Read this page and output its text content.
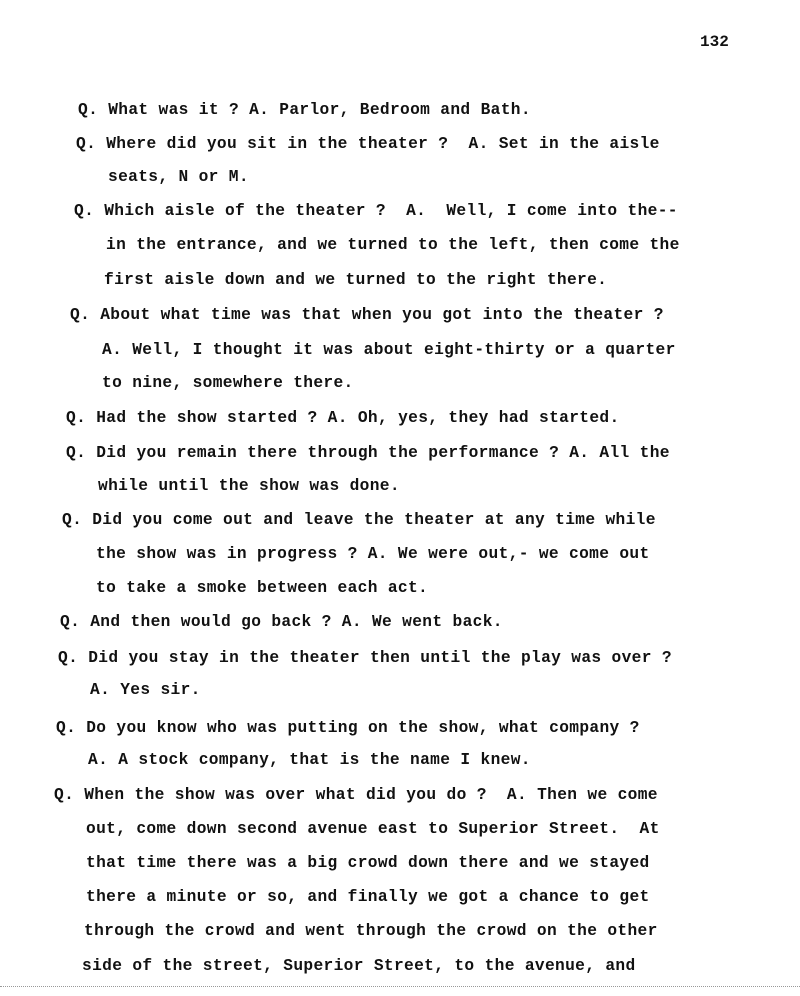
132
Q. What was it ? A. Parlor, Bedroom and Bath.
Q. Where did you sit in the theater ?  A. Set in the aisle
seats, N or M.
Q. Which aisle of the theater ?  A.  Well, I come into the--
in the entrance, and we turned to the left, then come the
first aisle down and we turned to the right there.
Q. About what time was that when you got into the theater ?
A. Well, I thought it was about eight-thirty or a quarter
to nine, somewhere there.
Q. Had the show started ? A. Oh, yes, they had started.
Q. Did you remain there through the performance ? A. All the
while until the show was done.
Q. Did you come out and leave the theater at any time while
the show was in progress ? A. We were out,- we come out
to take a smoke between each act.
Q. And then would go back ? A. We went back.
Q. Did you stay in the theater then until the play was over ?
A. Yes sir.
Q. Do you know who was putting on the show, what company ?
A. A stock company, that is the name I knew.
Q. When the show was over what did you do ?  A. Then we come
out, come down second avenue east to Superior Street.  At
that time there was a big crowd down there and we stayed
there a minute or so, and finally we got a chance to get
through the crowd and went through the crowd on the other
side of the street, Superior Street, to the avenue, and
